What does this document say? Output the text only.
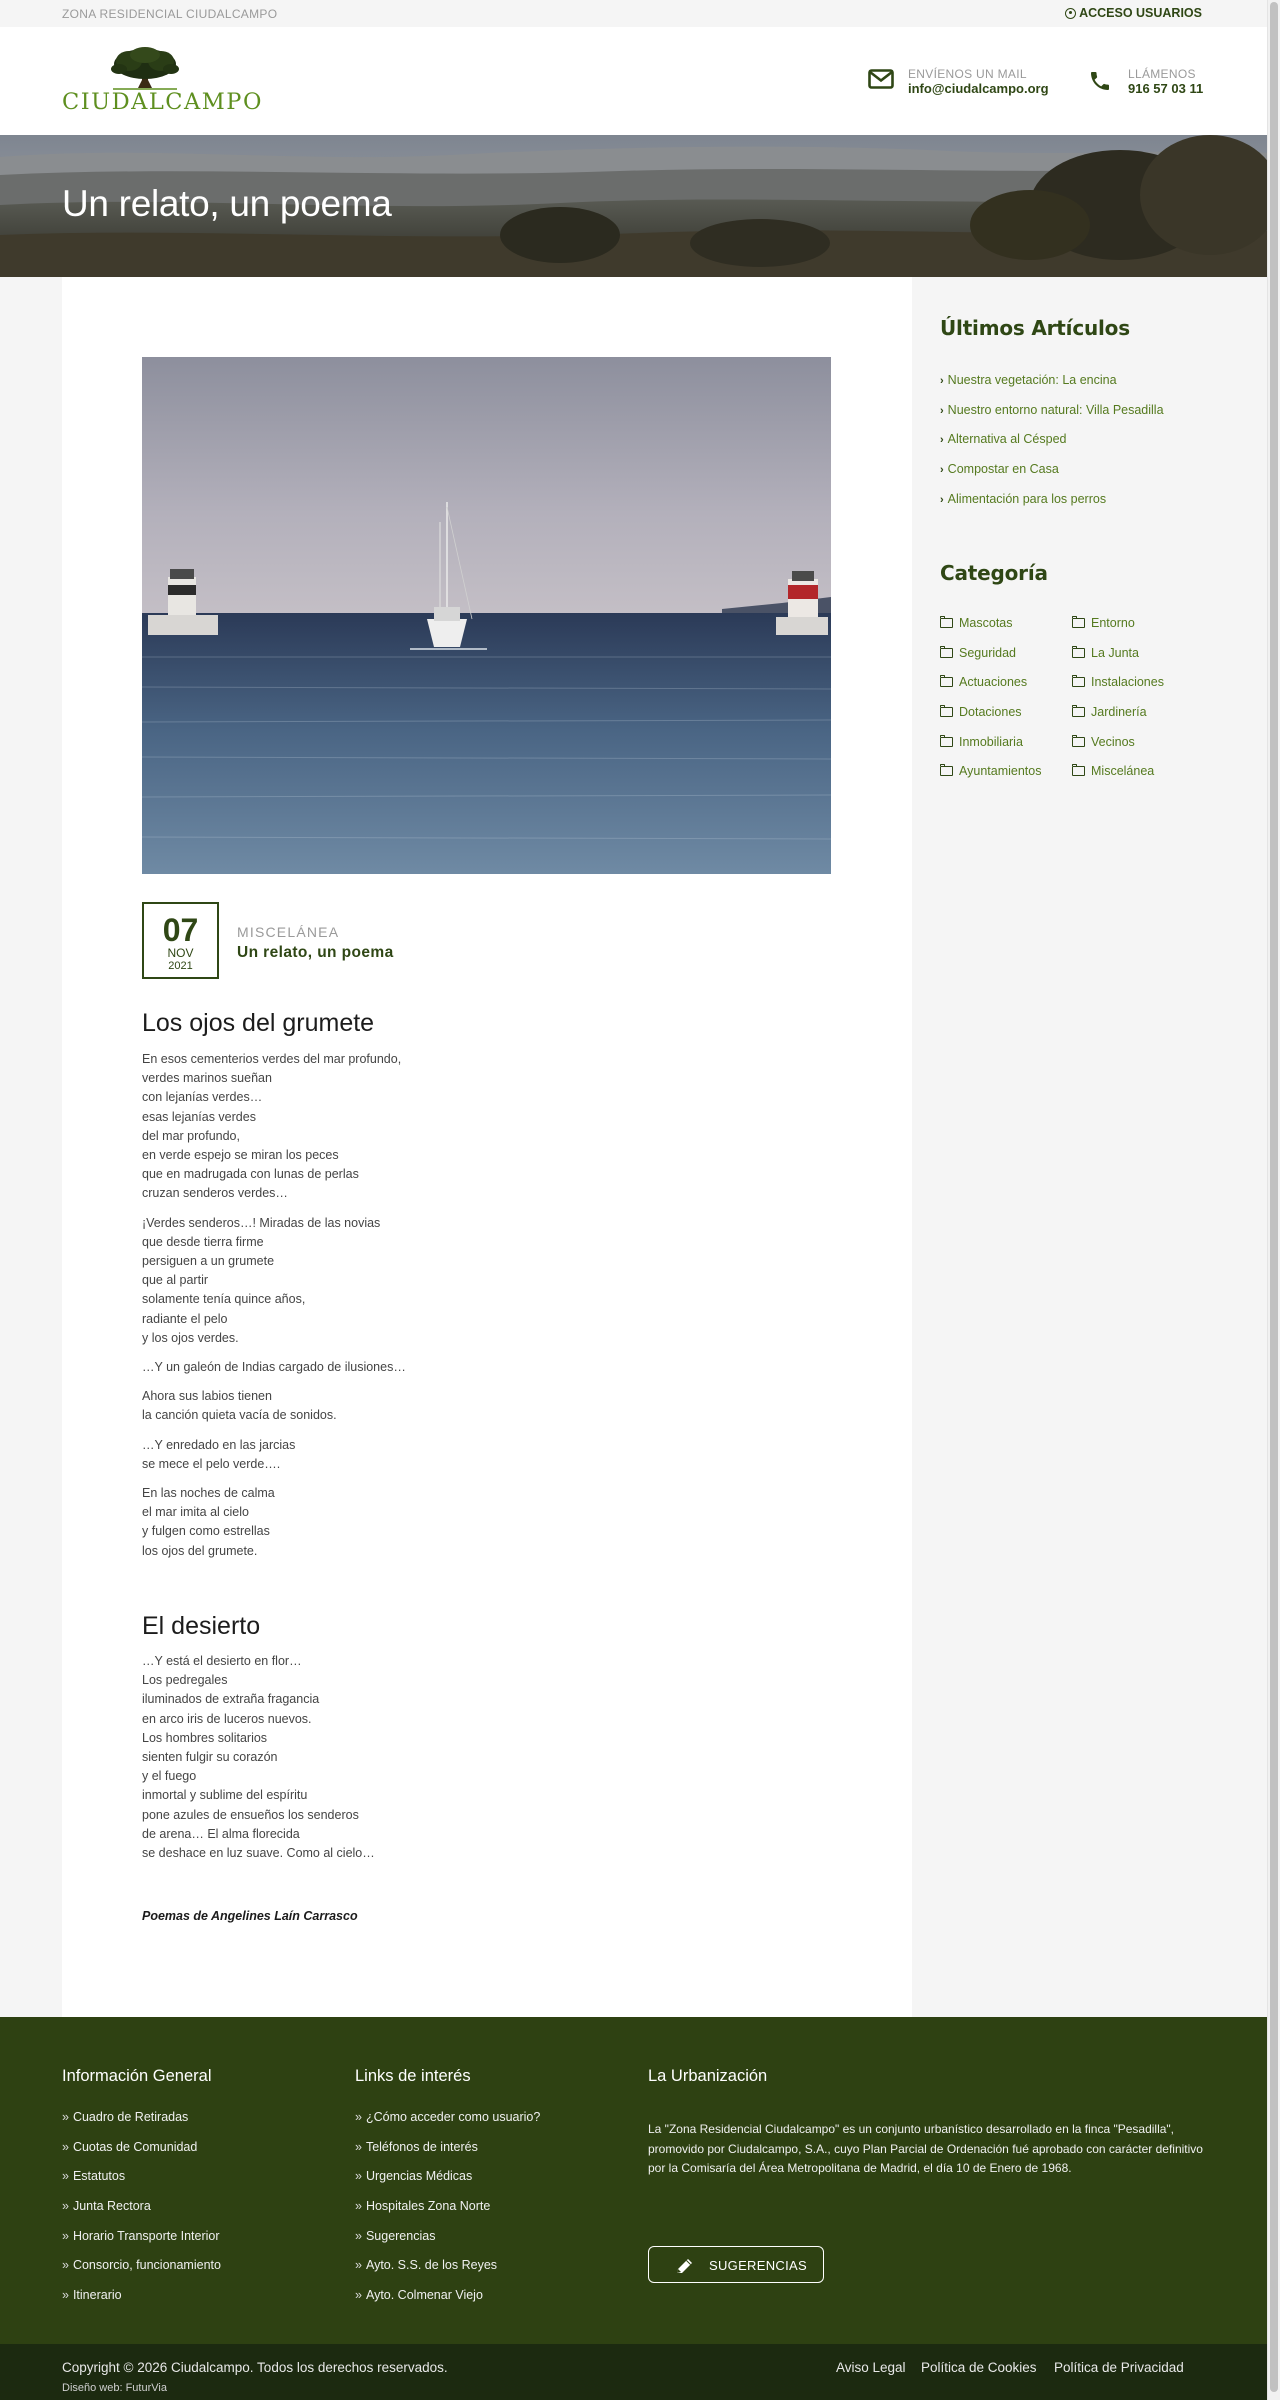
ZONA RESIDENCIAL CIUDALCAMPO	ACCESO USUARIOS
CIUDALCAMPO
ENVÍENOS UN MAIL
info@ciudalcampo.org
LLÁMENOS
916 57 03 11
Un relato, un poema
07
NOV
2021
MISCELÁNEA
Un relato, un poema
Los ojos del grumete

En esos cementerios verdes del mar profundo,
verdes marinos sueñan
con lejanías verdes…
esas lejanías verdes
del mar profundo,
en verde espejo se miran los peces
que en madrugada con lunas de perlas
cruzan senderos verdes…

¡Verdes senderos…! Miradas de las novias
que desde tierra firme
persiguen a un grumete
que al partir
solamente tenía quince años,
radiante el pelo
y los ojos verdes.

…Y un galeón de Indias cargado de ilusiones…

Ahora sus labios tienen
la canción quieta vacía de sonidos.

…Y enredado en las jarcias
se mece el pelo verde….

En las noches de calma
el mar imita al cielo
y fulgen como estrellas
los ojos del grumete.

El desierto

…Y está el desierto en flor…
Los pedregales
iluminados de extraña fragancia
en arco iris de luceros nuevos.
Los hombres solitarios
sienten fulgir su corazón
y el fuego
inmortal y sublime del espíritu
pone azules de ensueños los senderos
de arena… El alma florecida
se deshace en luz suave. Como al cielo…

Poemas de Angelines Laín Carrasco
Últimos Artículos
› Nuestra vegetación: La encina
› Nuestro entorno natural: Villa Pesadilla
› Alternativa al Césped
› Compostar en Casa
› Alimentación para los perros
Categoría
Mascotas	Entorno
Seguridad	La Junta
Actuaciones	Instalaciones
Dotaciones	Jardinería
Inmobiliaria	Vecinos
Ayuntamientos	Miscelánea
Información General
» Cuadro de Retiradas
» Cuotas de Comunidad
» Estatutos
» Junta Rectora
» Horario Transporte Interior
» Consorcio, funcionamiento
» Itinerario
Links de interés
» ¿Cómo acceder como usuario?
» Teléfonos de interés
» Urgencias Médicas
» Hospitales Zona Norte
» Sugerencias
» Ayto. S.S. de los Reyes
» Ayto. Colmenar Viejo
La Urbanización
La "Zona Residencial Ciudalcampo" es un conjunto urbanístico desarrollado en la finca "Pesadilla", promovido por Ciudalcampo, S.A., cuyo Plan Parcial de Ordenación fué aprobado con carácter definitivo por la Comisaría del Área Metropolitana de Madrid, el día 10 de Enero de 1968.
SUGERENCIAS
Copyright © 2026 Ciudalcampo. Todos los derechos reservados.
Diseño web: FuturVia
Aviso Legal Política de Cookies Política de Privacidad
